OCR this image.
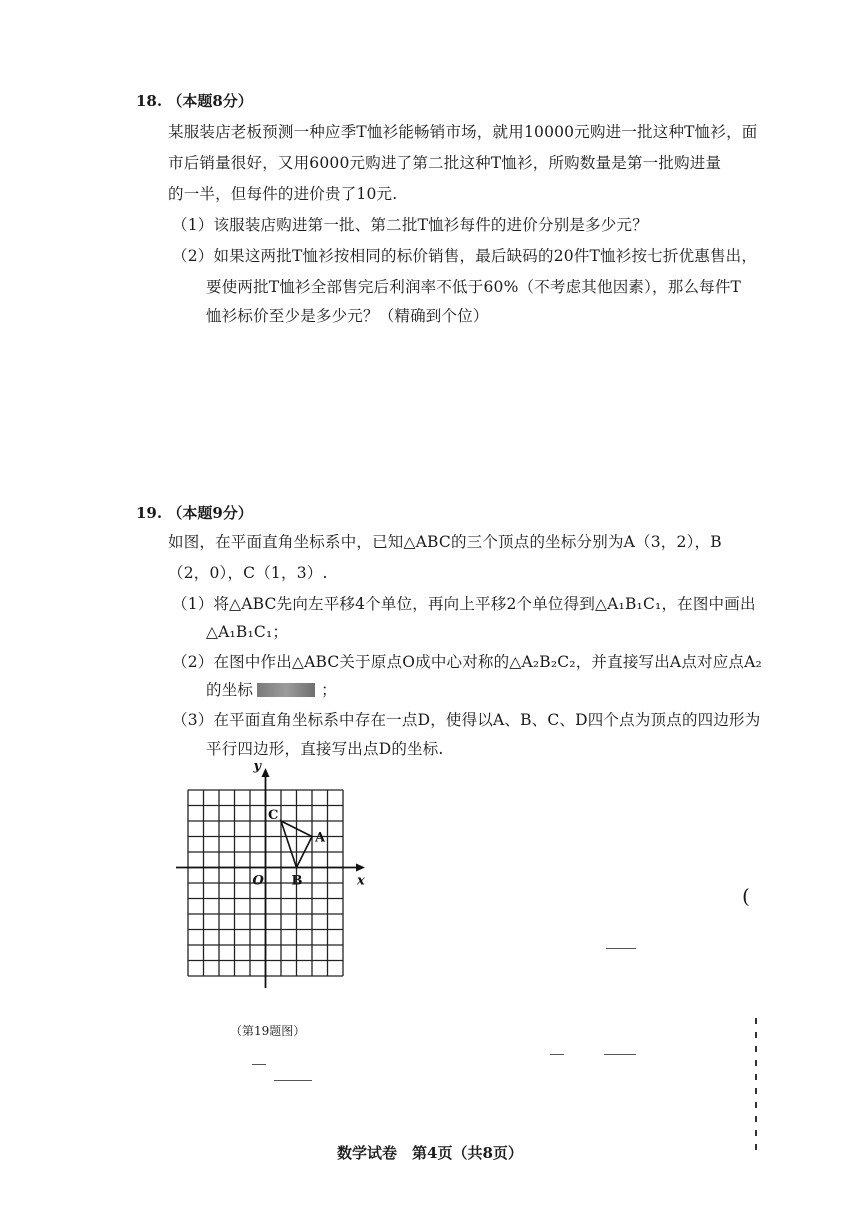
18. （本题8分）
某服装店老板预测一种应季T恤衫能畅销市场，就用10000元购进一批这种T恤衫，面
市后销量很好，又用6000元购进了第二批这种T恤衫，所购数量是第一批购进量
的一半，但每件的进价贵了10元.
（1）该服装店购进第一批、第二批T恤衫每件的进价分别是多少元？
（2）如果这两批T恤衫按相同的标价销售，最后缺码的20件T恤衫按七折优惠售出，
要使两批T恤衫全部售完后利润率不低于60%（不考虑其他因素），那么每件T
恤衫标价至少是多少元？（精确到个位）
19. （本题9分）
如图，在平面直角坐标系中，已知△ABC的三个顶点的坐标分别为A（3，2），B
（2，0），C（1，3）.
（1）将△ABC先向左平移4个单位，再向上平移2个单位得到△A₁B₁C₁，在图中画出
△A₁B₁C₁；
（2）在图中作出△ABC关于原点O成中心对称的△A₂B₂C₂，并直接写出A点对应点A₂
的坐标	；
（3）在平面直角坐标系中存在一点D，使得以A、B、C、D四个点为顶点的四边形为
平行四边形，直接写出点D的坐标.
A
B
C
O	x
y
（第19题图）
(
数学试卷　第4页（共8页）
